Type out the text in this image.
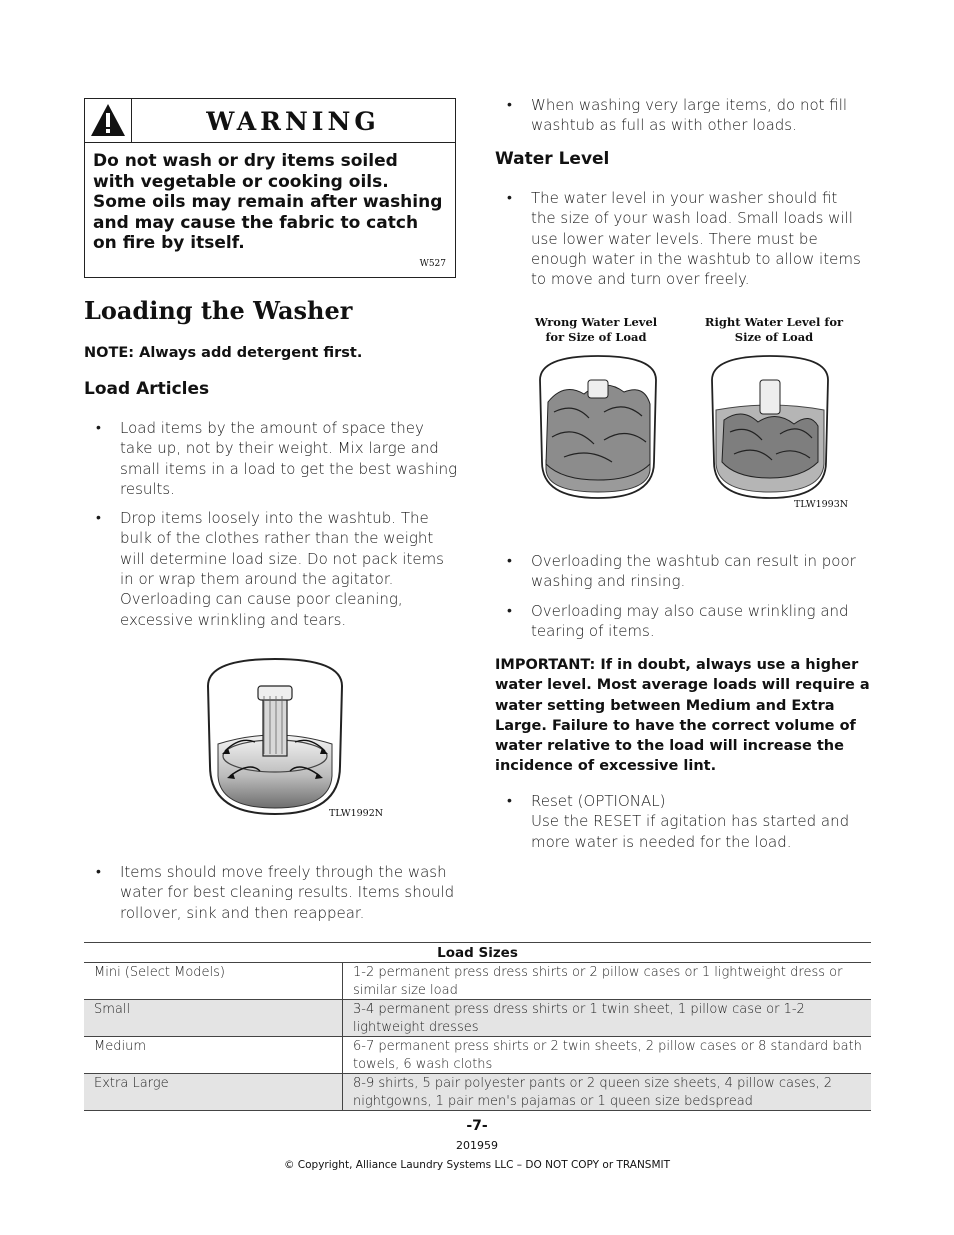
WARNING
Do not wash or dry items soiled with vegetable or cooking oils. Some oils may remain after washing and may cause the fabric to catch on fire by itself.
W527
Loading the Washer
NOTE: Always add detergent first.
Load Articles
• Load items by the amount of space they take up, not by their weight. Mix large and small items in a load to get the best washing results.
• Drop items loosely into the washtub. The bulk of the clothes rather than the weight will determine load size. Do not pack items in or wrap them around the agitator. Overloading can cause poor cleaning, excessive wrinkling and tears.
TLW1992N
• Items should move freely through the wash water for best cleaning results. Items should rollover, sink and then reappear.
• When washing very large items, do not fill washtub as full as with other loads.
Water Level
• The water level in your washer should fit the size of your wash load. Small loads will use lower water levels. There must be enough water in the washtub to allow items to move and turn over freely.
Wrong Water Level for Size of Load
Right Water Level for Size of Load
TLW1993N
• Overloading the washtub can result in poor washing and rinsing.
• Overloading may also cause wrinkling and tearing of items.
IMPORTANT: If in doubt, always use a higher water level. Most average loads will require a water setting between Medium and Extra Large. Failure to have the correct volume of water relative to the load will increase the incidence of excessive lint.
• Reset (OPTIONAL)
Use the RESET if agitation has started and more water is needed for the load.
Load Sizes	
Mini (Select Models)	1-2 permanent press dress shirts or 2 pillow cases or 1 lightweight dress or similar size load
Small	3-4 permanent press dress shirts or 1 twin sheet, 1 pillow case or 1-2 lightweight dresses
Medium	6-7 permanent press shirts or 2 twin sheets, 2 pillow cases or 8 standard bath towels, 6 wash cloths
Extra Large	8-9 shirts, 5 pair polyester pants or 2 queen size sheets, 4 pillow cases, 2 nightgowns, 1 pair men's pajamas or 1 queen size bedspread
-7-
201959
© Copyright, Alliance Laundry Systems LLC – DO NOT COPY or TRANSMIT
